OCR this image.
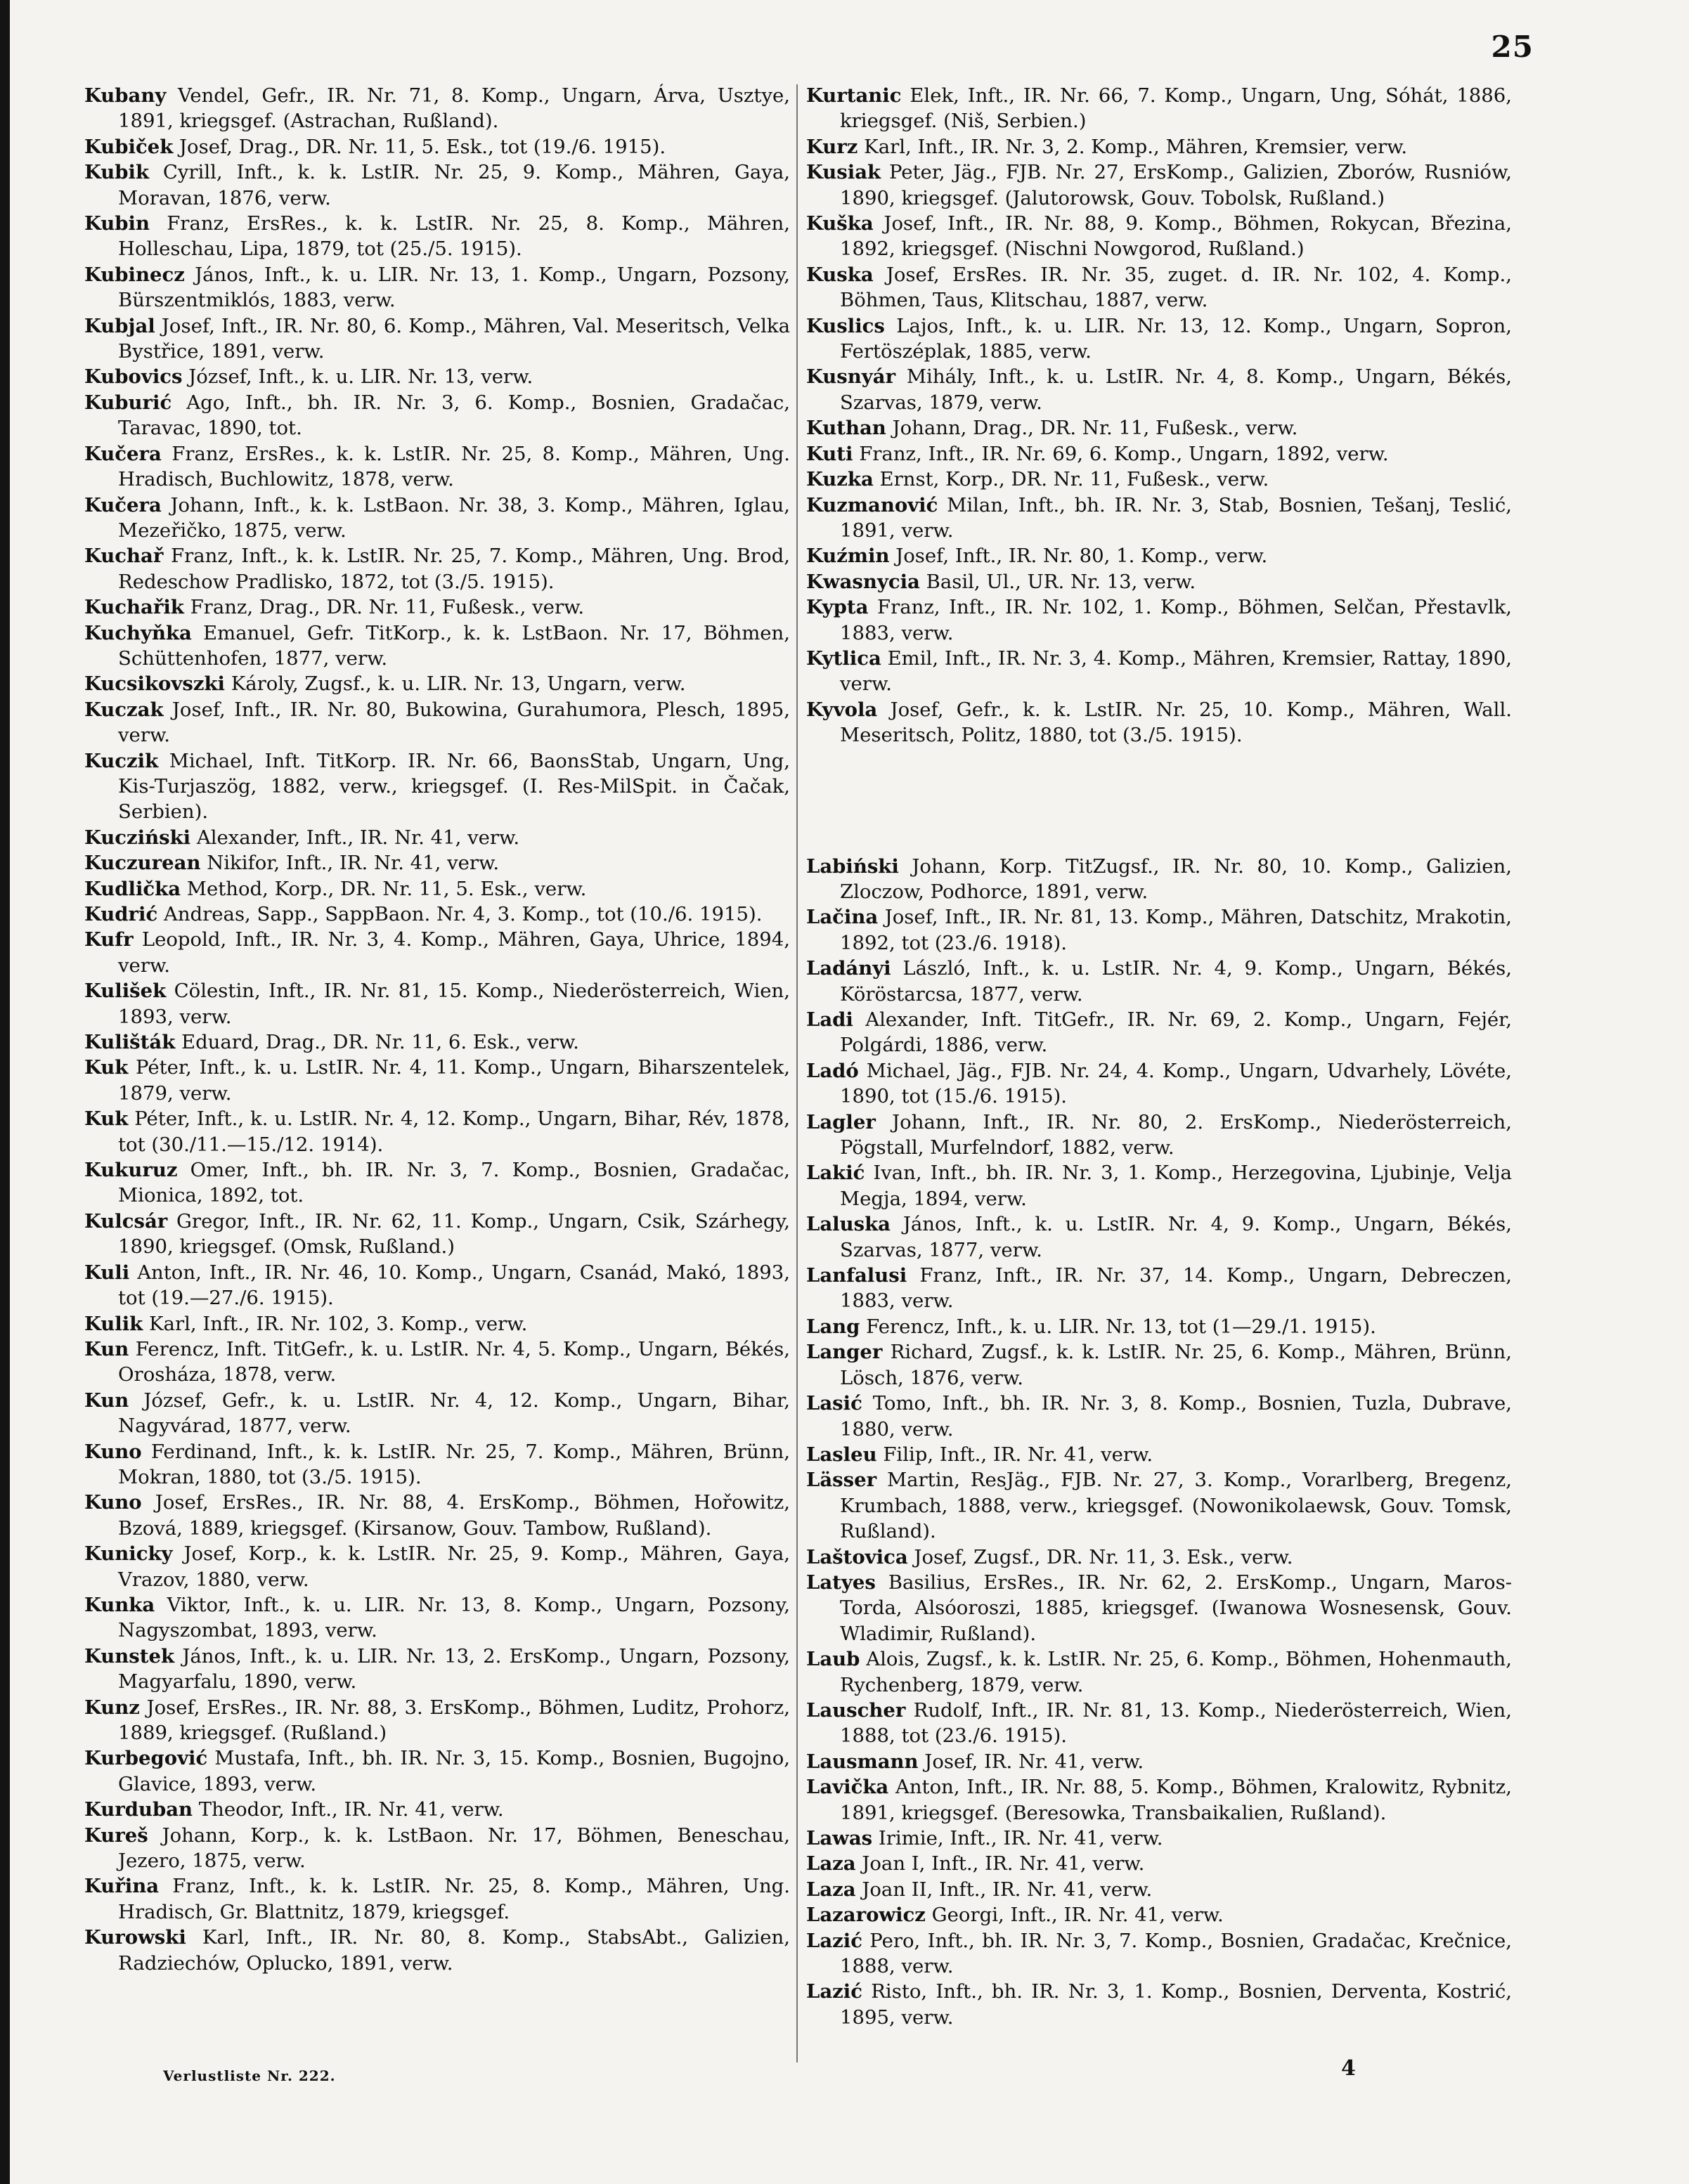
25

Kubany Vendel, Gefr., IR. Nr. 71, 8. Komp., Ungarn, Árva, Usztye, 1891, kriegsgef. (Astrachan, Rußland).

Kubiček Josef, Drag., DR. Nr. 11, 5. Esk., tot (19./6. 1915).

Kubik Cyrill, Inft., k. k. LstIR. Nr. 25, 9. Komp., Mähren, Gaya, Moravan, 1876, verw.

Kubin Franz, ErsRes., k. k. LstIR. Nr. 25, 8. Komp., Mähren, Holleschau, Lipa, 1879, tot (25./5. 1915).

Kubinecz János, Inft., k. u. LIR. Nr. 13, 1. Komp., Ungarn, Pozsony, Bürszentmiklós, 1883, verw.

Kubjal Josef, Inft., IR. Nr. 80, 6. Komp., Mähren, Val. Meseritsch, Velka Bystřice, 1891, verw.

Kubovics József, Inft., k. u. LIR. Nr. 13, verw.

Kuburić Ago, Inft., bh. IR. Nr. 3, 6. Komp., Bosnien, Gradačac, Taravac, 1890, tot.

Kučera Franz, ErsRes., k. k. LstIR. Nr. 25, 8. Komp., Mähren, Ung. Hradisch, Buchlowitz, 1878, verw.

Kučera Johann, Inft., k. k. LstBaon. Nr. 38, 3. Komp., Mähren, Iglau, Mezeřičko, 1875, verw.

Kuchař Franz, Inft., k. k. LstIR. Nr. 25, 7. Komp., Mähren, Ung. Brod, Redeschow Pradlisko, 1872, tot (3./5. 1915).

Kuchařik Franz, Drag., DR. Nr. 11, Fußesk., verw.

Kuchyňka Emanuel, Gefr. TitKorp., k. k. LstBaon. Nr. 17, Böhmen, Schüttenhofen, 1877, verw.

Kucsikovszki Károly, Zugsf., k. u. LIR. Nr. 13, Ungarn, verw.

Kuczak Josef, Inft., IR. Nr. 80, Bukowina, Gurahumora, Plesch, 1895, verw.

Kuczik Michael, Inft. TitKorp. IR. Nr. 66, BaonsStab, Ungarn, Ung, Kis-Turjaszög, 1882, verw., kriegsgef. (I. Res-MilSpit. in Čačak, Serbien).

Kucziński Alexander, Inft., IR. Nr. 41, verw.

Kuczurean Nikifor, Inft., IR. Nr. 41, verw.

Kudlička Method, Korp., DR. Nr. 11, 5. Esk., verw.

Kudrić Andreas, Sapp., SappBaon. Nr. 4, 3. Komp., tot (10./6. 1915).

Kufr Leopold, Inft., IR. Nr. 3, 4. Komp., Mähren, Gaya, Uhrice, 1894, verw.

Kulišek Cölestin, Inft., IR. Nr. 81, 15. Komp., Niederösterreich, Wien, 1893, verw.

Kulišták Eduard, Drag., DR. Nr. 11, 6. Esk., verw.

Kuk Péter, Inft., k. u. LstIR. Nr. 4, 11. Komp., Ungarn, Biharszentelek, 1879, verw.

Kuk Péter, Inft., k. u. LstIR. Nr. 4, 12. Komp., Ungarn, Bihar, Rév, 1878, tot (30./11.—15./12. 1914).

Kukuruz Omer, Inft., bh. IR. Nr. 3, 7. Komp., Bosnien, Gradačac, Mionica, 1892, tot.

Kulcsár Gregor, Inft., IR. Nr. 62, 11. Komp., Ungarn, Csik, Szárhegy, 1890, kriegsgef. (Omsk, Rußland.)

Kuli Anton, Inft., IR. Nr. 46, 10. Komp., Ungarn, Csanád, Makó, 1893, tot (19.—27./6. 1915).

Kulik Karl, Inft., IR. Nr. 102, 3. Komp., verw.

Kun Ferencz, Inft. TitGefr., k. u. LstIR. Nr. 4, 5. Komp., Ungarn, Békés, Orosháza, 1878, verw.

Kun József, Gefr., k. u. LstIR. Nr. 4, 12. Komp., Ungarn, Bihar, Nagyvárad, 1877, verw.

Kuno Ferdinand, Inft., k. k. LstIR. Nr. 25, 7. Komp., Mähren, Brünn, Mokran, 1880, tot (3./5. 1915).

Kuno Josef, ErsRes., IR. Nr. 88, 4. ErsKomp., Böhmen, Hořowitz, Bzová, 1889, kriegsgef. (Kirsanow, Gouv. Tambow, Rußland).

Kunicky Josef, Korp., k. k. LstIR. Nr. 25, 9. Komp., Mähren, Gaya, Vrazov, 1880, verw.

Kunka Viktor, Inft., k. u. LIR. Nr. 13, 8. Komp., Ungarn, Pozsony, Nagyszombat, 1893, verw.

Kunstek János, Inft., k. u. LIR. Nr. 13, 2. ErsKomp., Ungarn, Pozsony, Magyarfalu, 1890, verw.

Kunz Josef, ErsRes., IR. Nr. 88, 3. ErsKomp., Böhmen, Luditz, Prohorz, 1889, kriegsgef. (Rußland.)

Kurbegović Mustafa, Inft., bh. IR. Nr. 3, 15. Komp., Bosnien, Bugojno, Glavice, 1893, verw.

Kurduban Theodor, Inft., IR. Nr. 41, verw.

Kureš Johann, Korp., k. k. LstBaon. Nr. 17, Böhmen, Beneschau, Jezero, 1875, verw.

Kuřina Franz, Inft., k. k. LstIR. Nr. 25, 8. Komp., Mähren, Ung. Hradisch, Gr. Blattnitz, 1879, kriegsgef.

Kurowski Karl, Inft., IR. Nr. 80, 8. Komp., StabsAbt., Galizien, Radziechów, Oplucko, 1891, verw.

Kurtanic Elek, Inft., IR. Nr. 66, 7. Komp., Ungarn, Ung, Sóhát, 1886, kriegsgef. (Niš, Serbien.)

Kurz Karl, Inft., IR. Nr. 3, 2. Komp., Mähren, Kremsier, verw.

Kusiak Peter, Jäg., FJB. Nr. 27, ErsKomp., Galizien, Zborów, Rusniów, 1890, kriegsgef. (Jalutorowsk, Gouv. Tobolsk, Rußland.)

Kuška Josef, Inft., IR. Nr. 88, 9. Komp., Böhmen, Rokycan, Březina, 1892, kriegsgef. (Nischni Nowgorod, Rußland.)

Kuska Josef, ErsRes. IR. Nr. 35, zuget. d. IR. Nr. 102, 4. Komp., Böhmen, Taus, Klitschau, 1887, verw.

Kuslics Lajos, Inft., k. u. LIR. Nr. 13, 12. Komp., Ungarn, Sopron, Fertöszéplak, 1885, verw.

Kusnyár Mihály, Inft., k. u. LstIR. Nr. 4, 8. Komp., Ungarn, Békés, Szarvas, 1879, verw.

Kuthan Johann, Drag., DR. Nr. 11, Fußesk., verw.

Kuti Franz, Inft., IR. Nr. 69, 6. Komp., Ungarn, 1892, verw.

Kuzka Ernst, Korp., DR. Nr. 11, Fußesk., verw.

Kuzmanović Milan, Inft., bh. IR. Nr. 3, Stab, Bosnien, Tešanj, Teslić, 1891, verw.

Kuźmin Josef, Inft., IR. Nr. 80, 1. Komp., verw.

Kwasnycia Basil, Ul., UR. Nr. 13, verw.

Kypta Franz, Inft., IR. Nr. 102, 1. Komp., Böhmen, Selčan, Přestavlk, 1883, verw.

Kytlica Emil, Inft., IR. Nr. 3, 4. Komp., Mähren, Kremsier, Rattay, 1890, verw.

Kyvola Josef, Gefr., k. k. LstIR. Nr. 25, 10. Komp., Mähren, Wall. Meseritsch, Politz, 1880, tot (3./5. 1915).

Labiński Johann, Korp. TitZugsf., IR. Nr. 80, 10. Komp., Galizien, Zloczow, Podhorce, 1891, verw.

Lačina Josef, Inft., IR. Nr. 81, 13. Komp., Mähren, Datschitz, Mrakotin, 1892, tot (23./6. 1918).

Ladányi László, Inft., k. u. LstIR. Nr. 4, 9. Komp., Ungarn, Békés, Köröstarcsa, 1877, verw.

Ladi Alexander, Inft. TitGefr., IR. Nr. 69, 2. Komp., Ungarn, Fejér, Polgárdi, 1886, verw.

Ladó Michael, Jäg., FJB. Nr. 24, 4. Komp., Ungarn, Udvarhely, Lövéte, 1890, tot (15./6. 1915).

Lagler Johann, Inft., IR. Nr. 80, 2. ErsKomp., Niederösterreich, Pögstall, Murfelndorf, 1882, verw.

Lakić Ivan, Inft., bh. IR. Nr. 3, 1. Komp., Herzegovina, Ljubinje, Velja Megja, 1894, verw.

Laluska János, Inft., k. u. LstIR. Nr. 4, 9. Komp., Ungarn, Békés, Szarvas, 1877, verw.

Lanfalusi Franz, Inft., IR. Nr. 37, 14. Komp., Ungarn, Debreczen, 1883, verw.

Lang Ferencz, Inft., k. u. LIR. Nr. 13, tot (1—29./1. 1915).

Langer Richard, Zugsf., k. k. LstIR. Nr. 25, 6. Komp., Mähren, Brünn, Lösch, 1876, verw.

Lasić Tomo, Inft., bh. IR. Nr. 3, 8. Komp., Bosnien, Tuzla, Dubrave, 1880, verw.

Lasleu Filip, Inft., IR. Nr. 41, verw.

Lässer Martin, ResJäg., FJB. Nr. 27, 3. Komp., Vorarlberg, Bregenz, Krumbach, 1888, verw., kriegsgef. (Nowonikolaewsk, Gouv. Tomsk, Rußland).

Laštovica Josef, Zugsf., DR. Nr. 11, 3. Esk., verw.

Latyes Basilius, ErsRes., IR. Nr. 62, 2. ErsKomp., Ungarn, Maros-Torda, Alsóoroszi, 1885, kriegsgef. (Iwanowa Wosnesensk, Gouv. Wladimir, Rußland).

Laub Alois, Zugsf., k. k. LstIR. Nr. 25, 6. Komp., Böhmen, Hohenmauth, Rychenberg, 1879, verw.

Lauscher Rudolf, Inft., IR. Nr. 81, 13. Komp., Niederösterreich, Wien, 1888, tot (23./6. 1915).

Lausmann Josef, IR. Nr. 41, verw.

Lavička Anton, Inft., IR. Nr. 88, 5. Komp., Böhmen, Kralowitz, Rybnitz, 1891, kriegsgef. (Beresowka, Transbaikalien, Rußland).

Lawas Irimie, Inft., IR. Nr. 41, verw.

Laza Joan I, Inft., IR. Nr. 41, verw.

Laza Joan II, Inft., IR. Nr. 41, verw.

Lazarowicz Georgi, Inft., IR. Nr. 41, verw.

Lazić Pero, Inft., bh. IR. Nr. 3, 7. Komp., Bosnien, Gradačac, Krečnice, 1888, verw.

Lazić Risto, Inft., bh. IR. Nr. 3, 1. Komp., Bosnien, Derventa, Kostrić, 1895, verw.

Verlustliste Nr. 222.	4
